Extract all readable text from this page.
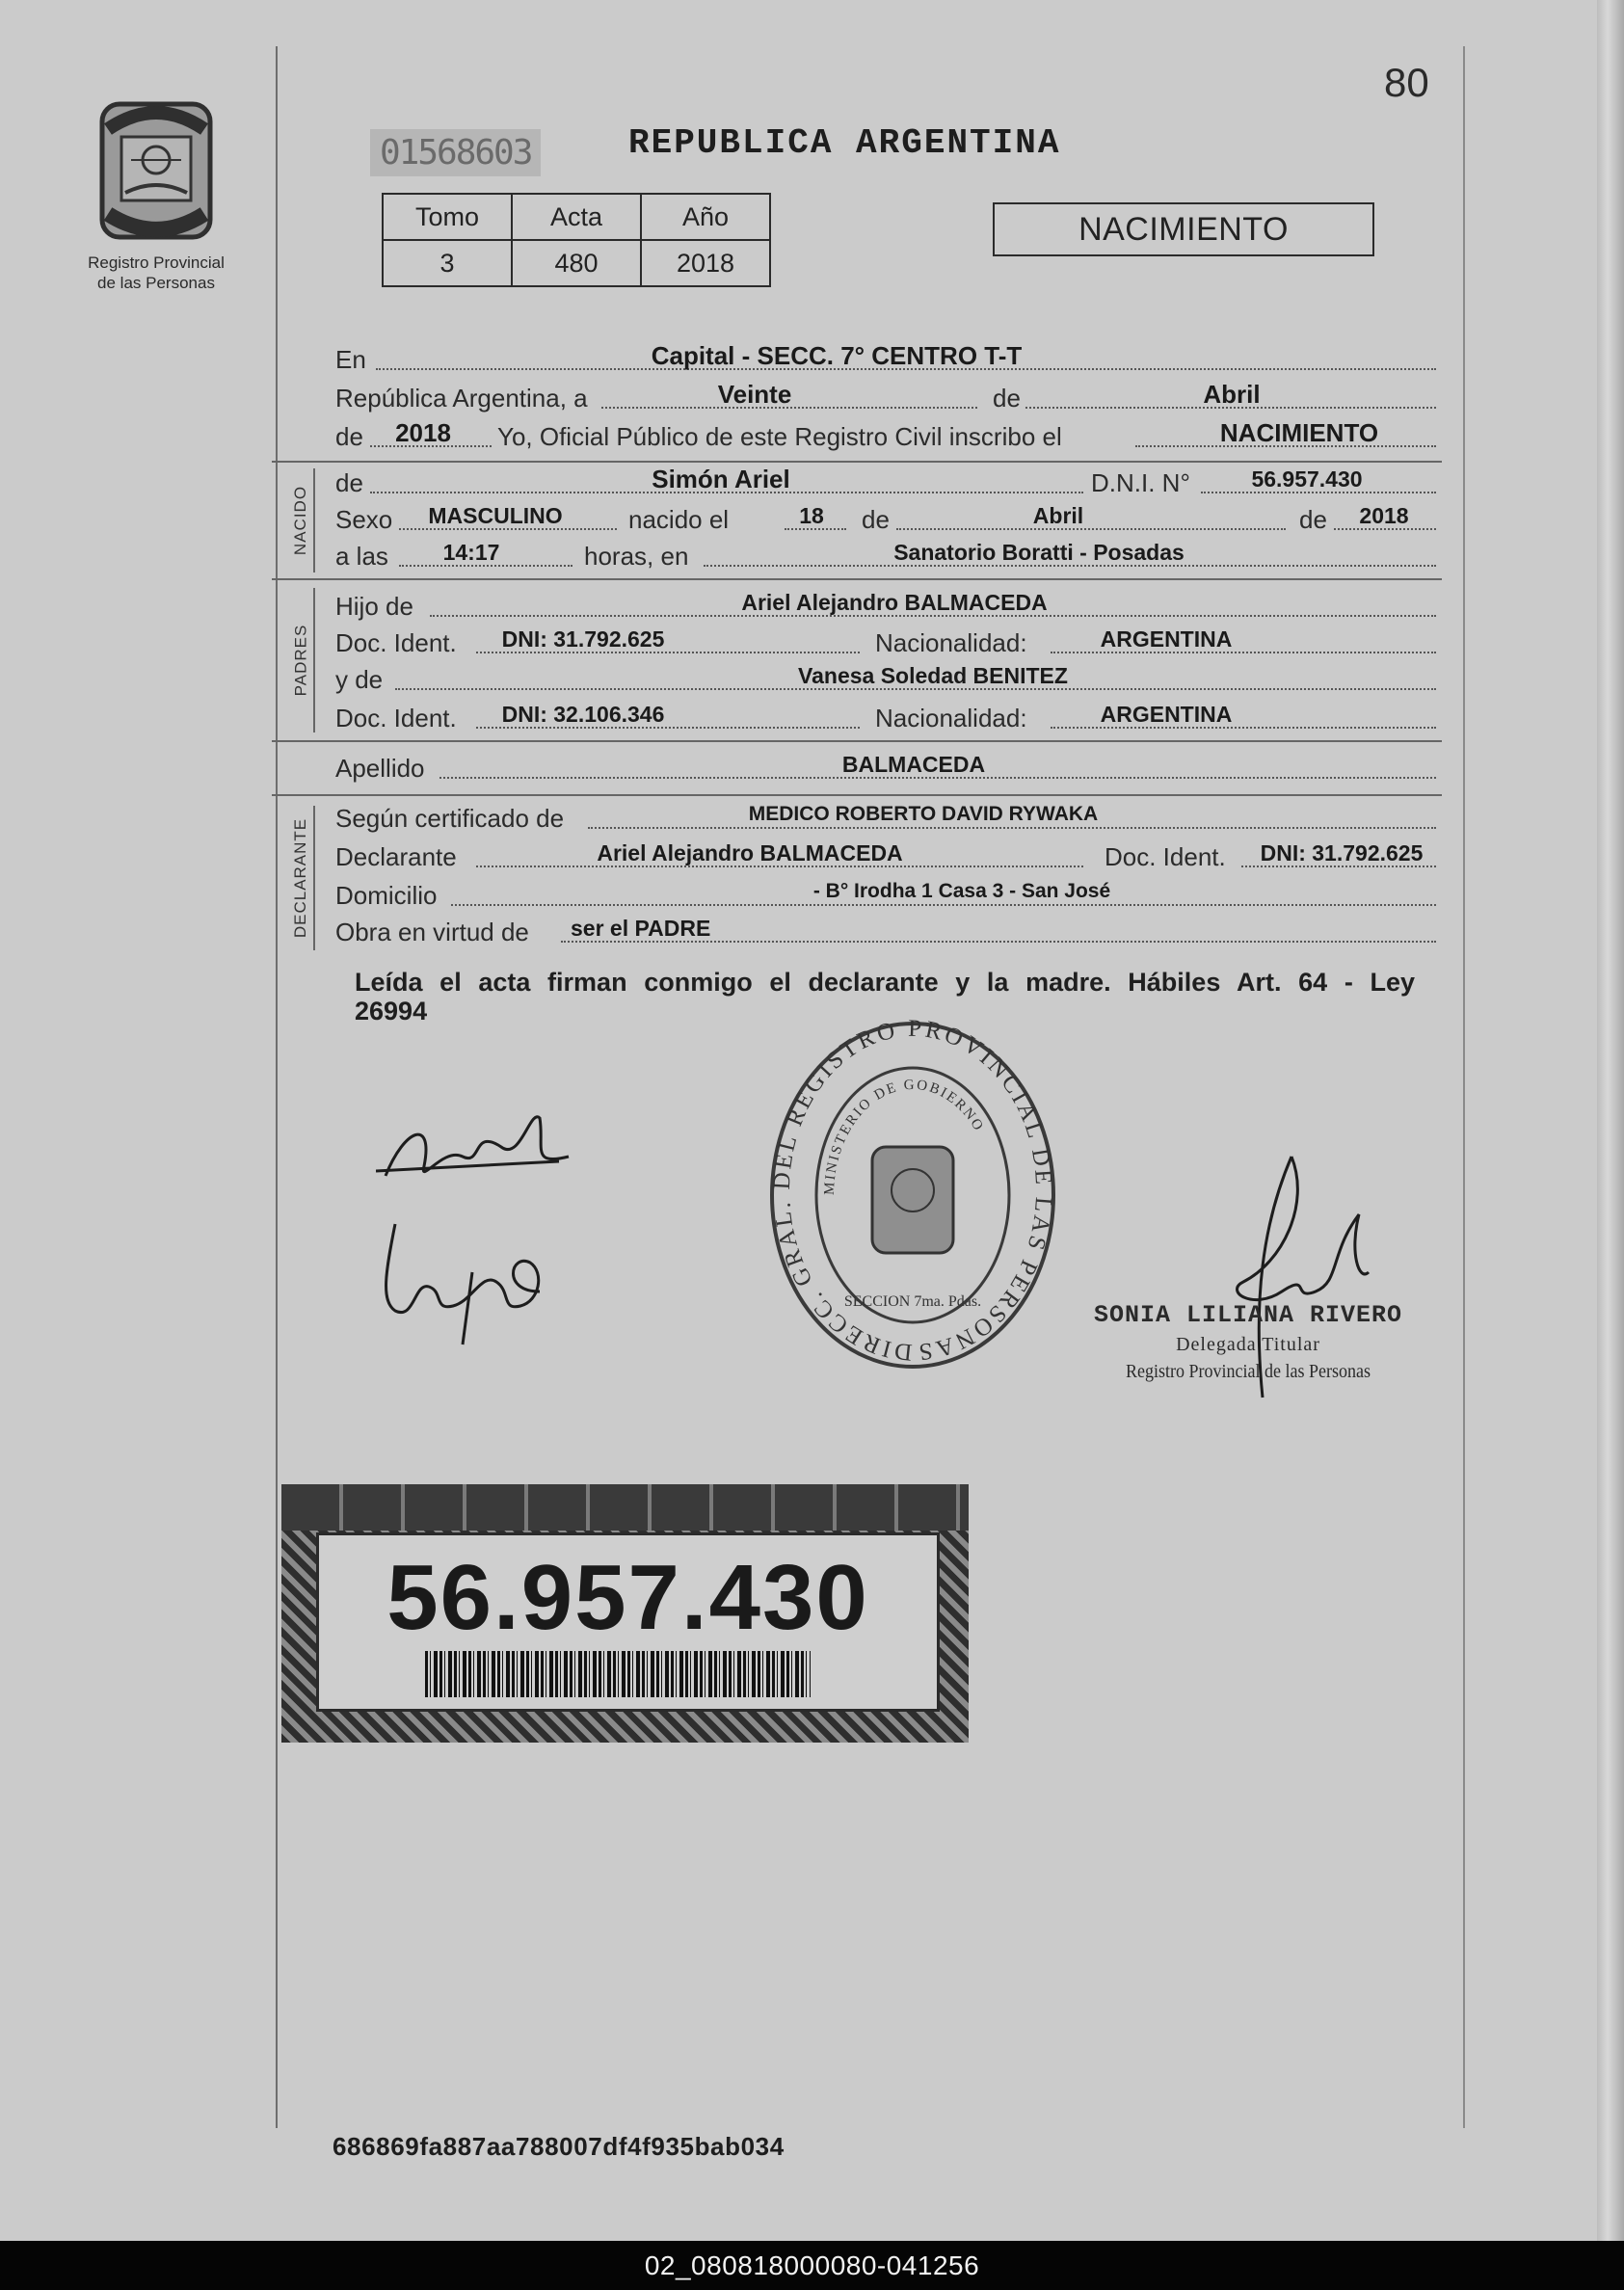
80
Registro Provincial
de las Personas
01568603	REPUBLICA ARGENTINA
Tomo	Acta	Año
3	480	2018
NACIMIENTO
En	Capital - SECC. 7° CENTRO T-T
República Argentina, a	Veinte	de	Abril
de	2018	Yo, Oficial Público de este Registro Civil inscribo el	NACIMIENTO
NACIDO
de	Simón Ariel	D.N.I. N°	56.957.430
Sexo	MASCULINO	nacido el	18	de	Abril	de	2018
a las	14:17	horas, en	Sanatorio Boratti - Posadas
PADRES
Hijo de	Ariel Alejandro BALMACEDA
Doc. Ident.	DNI: 31.792.625	Nacionalidad:	ARGENTINA
y de	Vanesa Soledad BENITEZ
Doc. Ident.	DNI: 32.106.346	Nacionalidad:	ARGENTINA
Apellido	BALMACEDA
DECLARANTE Según certificado de	MEDICO ROBERTO DAVID RYWAKA
Declarante	Ariel Alejandro BALMACEDA	Doc. Ident.	DNI: 31.792.625
Domicilio	- B° Irodha 1 Casa 3 - San José
Obra en virtud de	ser el PADRE
Leída el acta firman conmigo el declarante y la madre. Hábiles Art. 64 - Ley
26994
DIRECC. GRAL. DEL REGISTRO PROVINCIAL DE LAS PERSONAS
MINISTERIO DE GOBIERNO
SECCION 7ma. Pdas.	SONIA LILIANA RIVERO
Delegada Titular
Registro Provincial de las Personas
56.957.430
686869fa887aa788007df4f935bab034
02_080818000080-041256
